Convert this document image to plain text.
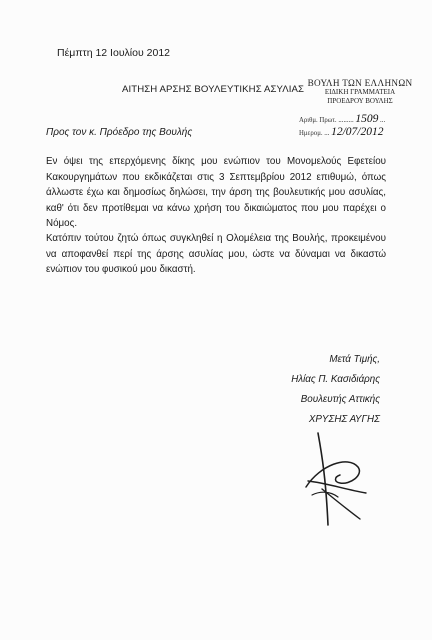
Πέμπτη 12 Ιουλίου 2012
ΑΙΤΗΣΗ ΑΡΣΗΣ ΒΟΥΛΕΥΤΙΚΗΣ ΑΣΥΛΙΑΣ
ΒΟΥΛΗ ΤΩΝ ΕΛΛΗΝΩΝ
ΕΙΔΙΚΗ ΓΡΑΜΜΑΤΕΙΑ
ΠΡΟΕΔΡΟΥ ΒΟΥΛΗΣ
Αριθμ. Πρωτ. ......... 1509 ...
Ημερομ. ... 12/07/2012
Προς τον κ. Πρόεδρο της Βουλής
Εν όψει της επερχόμενης δίκης μου ενώπιον του Μονομελούς Εφετείου Κακουργημάτων που εκδικάζεται στις 3 Σεπτεμβρίου 2012 επιθυμώ, όπως άλλωστε έχω και δημοσίως δηλώσει, την άρση της βουλευτικής μου ασυλίας, καθ' ότι δεν προτίθεμαι να κάνω χρήση του δικαιώματος που μου παρέχει ο Νόμος.
Κατόπιν τούτου ζητώ όπως συγκληθεί η Ολομέλεια της Βουλής, προκειμένου να αποφανθεί περί της άρσης ασυλίας μου, ώστε να δύναμαι να δικαστώ ενώπιον του φυσικού μου δικαστή.
Μετά Τιμής,
Ηλίας Π. Κασιδιάρης
Βουλευτής Αττικής
ΧΡΥΣΗΣ ΑΥΓΗΣ
